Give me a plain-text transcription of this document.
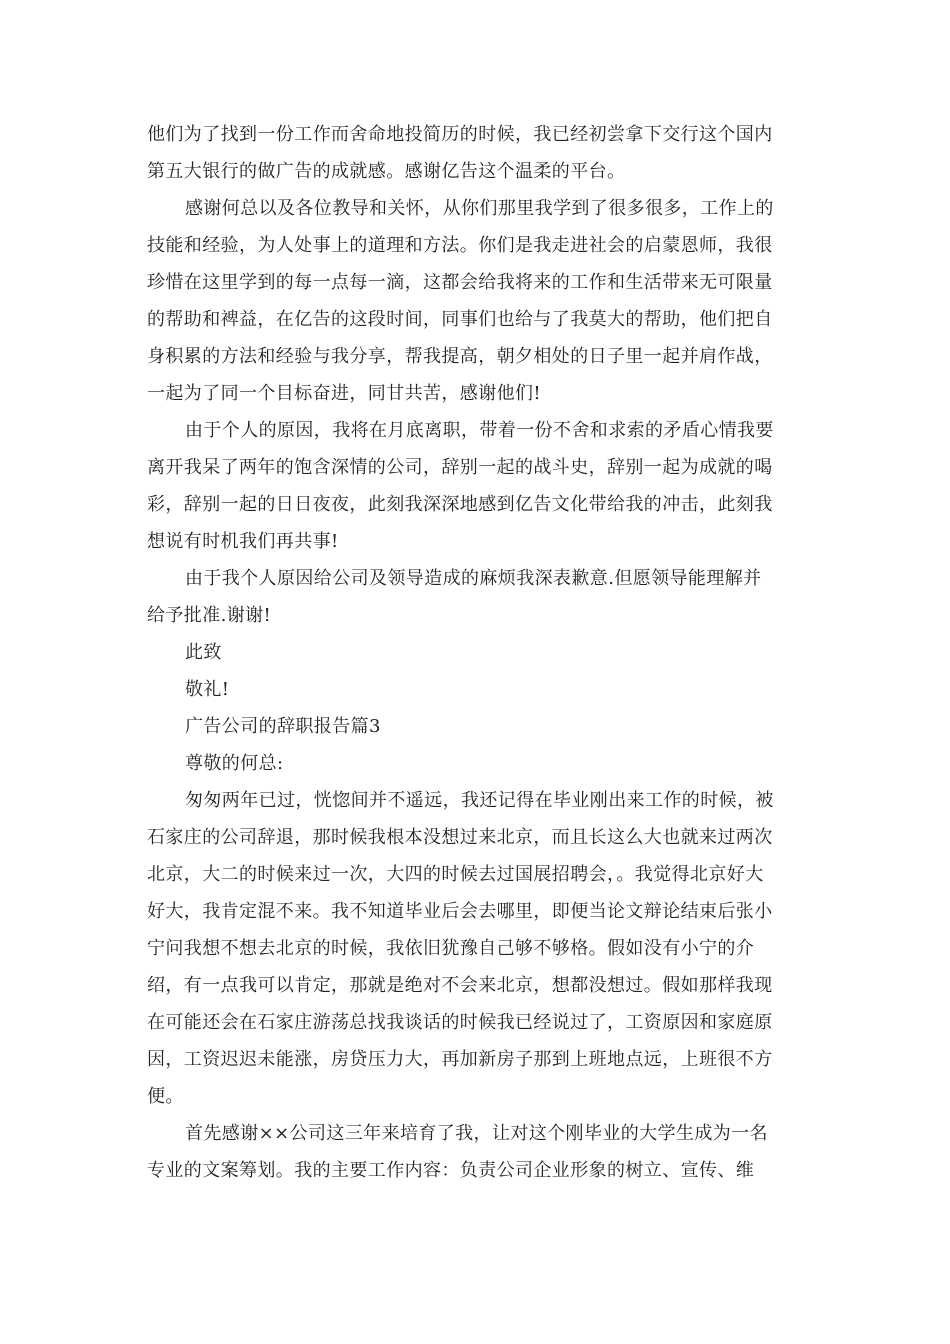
他们为了找到一份工作而舍命地投简历的时候，我已经初尝拿下交行这个国内
第五大银行的做广告的成就感。感谢亿告这个温柔的平台。
感谢何总以及各位教导和关怀，从你们那里我学到了很多很多，工作上的
技能和经验，为人处事上的道理和方法。你们是我走进社会的启蒙恩师，我很
珍惜在这里学到的每一点每一滴，这都会给我将来的工作和生活带来无可限量
的帮助和裨益，在亿告的这段时间，同事们也给与了我莫大的帮助，他们把自
身积累的方法和经验与我分享，帮我提高，朝夕相处的日子里一起并肩作战，
一起为了同一个目标奋进，同甘共苦，感谢他们!
由于个人的原因，我将在月底离职，带着一份不舍和求索的矛盾心情我要
离开我呆了两年的饱含深情的公司，辞别一起的战斗史，辞别一起为成就的喝
彩，辞别一起的日日夜夜，此刻我深深地感到亿告文化带给我的冲击，此刻我
想说有时机我们再共事!
由于我个人原因给公司及领导造成的麻烦我深表歉意.但愿领导能理解并
给予批准.谢谢!
此致
敬礼!
广告公司的辞职报告篇3
尊敬的何总:
匆匆两年已过，恍惚间并不遥远，我还记得在毕业刚出来工作的时候，被
石家庄的公司辞退，那时候我根本没想过来北京，而且长这么大也就来过两次
北京，大二的时候来过一次，大四的时候去过国展招聘会，。我觉得北京好大
好大，我肯定混不来。我不知道毕业后会去哪里，即便当论文辩论结束后张小
宁问我想不想去北京的时候，我依旧犹豫自己够不够格。假如没有小宁的介
绍，有一点我可以肯定，那就是绝对不会来北京，想都没想过。假如那样我现
在可能还会在石家庄游荡总找我谈话的时候我已经说过了，工资原因和家庭原
因，工资迟迟未能涨，房贷压力大，再加新房子那到上班地点远，上班很不方
便。
首先感谢××公司这三年来培育了我，让对这个刚毕业的大学生成为一名
专业的文案筹划。我的主要工作内容：负责公司企业形象的树立、宣传、维
